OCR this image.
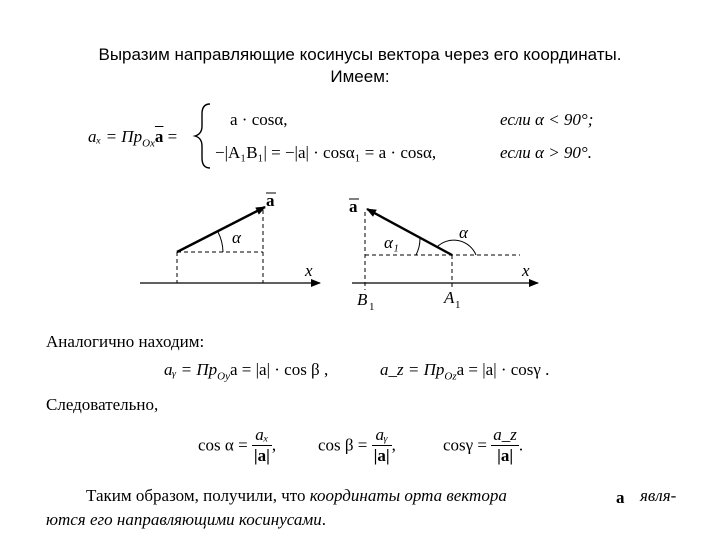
Выразим направляющие косинусы вектора через его координаты.
Имеем:
$a_x = Пр_{Ox}\overline{a}$ =
a · cosα,	если α < 90°;
−|A₁B₁| = −|a| · cosα₁ = a · cosα,	если α > 90°.
a
α
x
a
α₁
α
x
B 1	A 1
Аналогично находим:
aᵧ = $Пр_{Oy}a = |a| \cdot \cos \beta$ ,	a_z = $Пр_{Oz}a = |a| \cdot \cos\gamma$ .
Следовательно,
$\cos \alpha = \frac{\text{aₓ}}{|a|}$ , $\cos \beta = \frac{\text{aᵧ}}{|a|}$ ,	$\cos\gamma = \frac{a\_z}{|a|}$ .
Таким образом, получили, что координаты орта вектора	a явля-
ются его направляющими косинусами.
